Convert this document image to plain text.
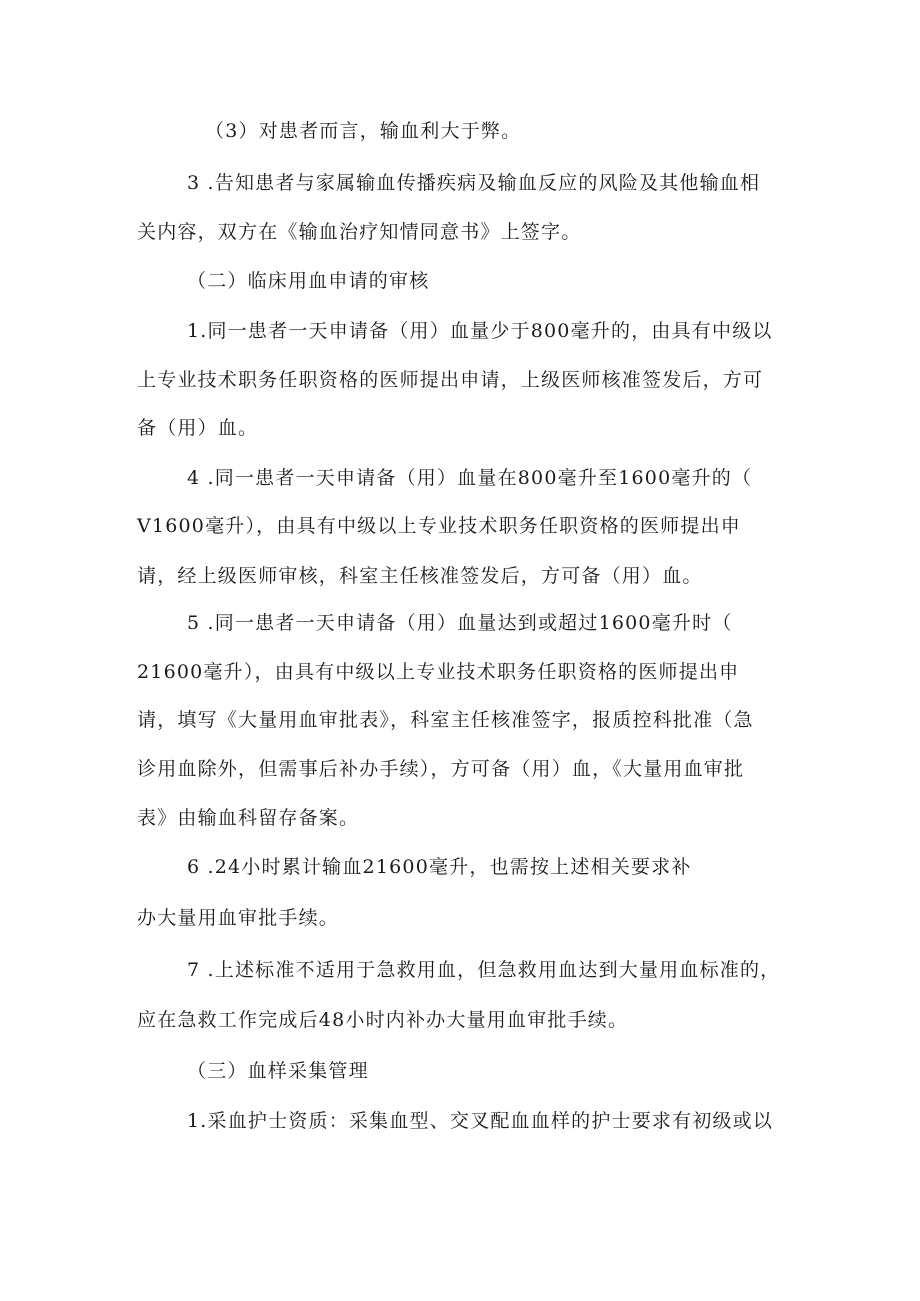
（3）对患者而言，输血利大于弊。
3 .告知患者与家属输血传播疾病及输血反应的风险及其他输血相
关内容，双方在《输血治疗知情同意书》上签字。
（二）临床用血申请的审核
1.同一患者一天申请备（用）血量少于800毫升的，由具有中级以
上专业技术职务任职资格的医师提出申请，上级医师核准签发后，方可
备（用）血。
4 .同一患者一天申请备（用）血量在800毫升至1600毫升的（
V1600毫升），由具有中级以上专业技术职务任职资格的医师提出申
请，经上级医师审核，科室主任核准签发后，方可备（用）血。
5 .同一患者一天申请备（用）血量达到或超过1600毫升时（
21600毫升），由具有中级以上专业技术职务任职资格的医师提出申
请，填写《大量用血审批表》，科室主任核准签字，报质控科批准（急
诊用血除外，但需事后补办手续），方可备（用）血，《大量用血审批
表》由输血科留存备案。
6 .24小时累计输血21600毫升，也需按上述相关要求补
办大量用血审批手续。
7 .上述标准不适用于急救用血，但急救用血达到大量用血标准的，
应在急救工作完成后48小时内补办大量用血审批手续。
（三）血样采集管理
1.采血护士资质：采集血型、交叉配血血样的护士要求有初级或以
